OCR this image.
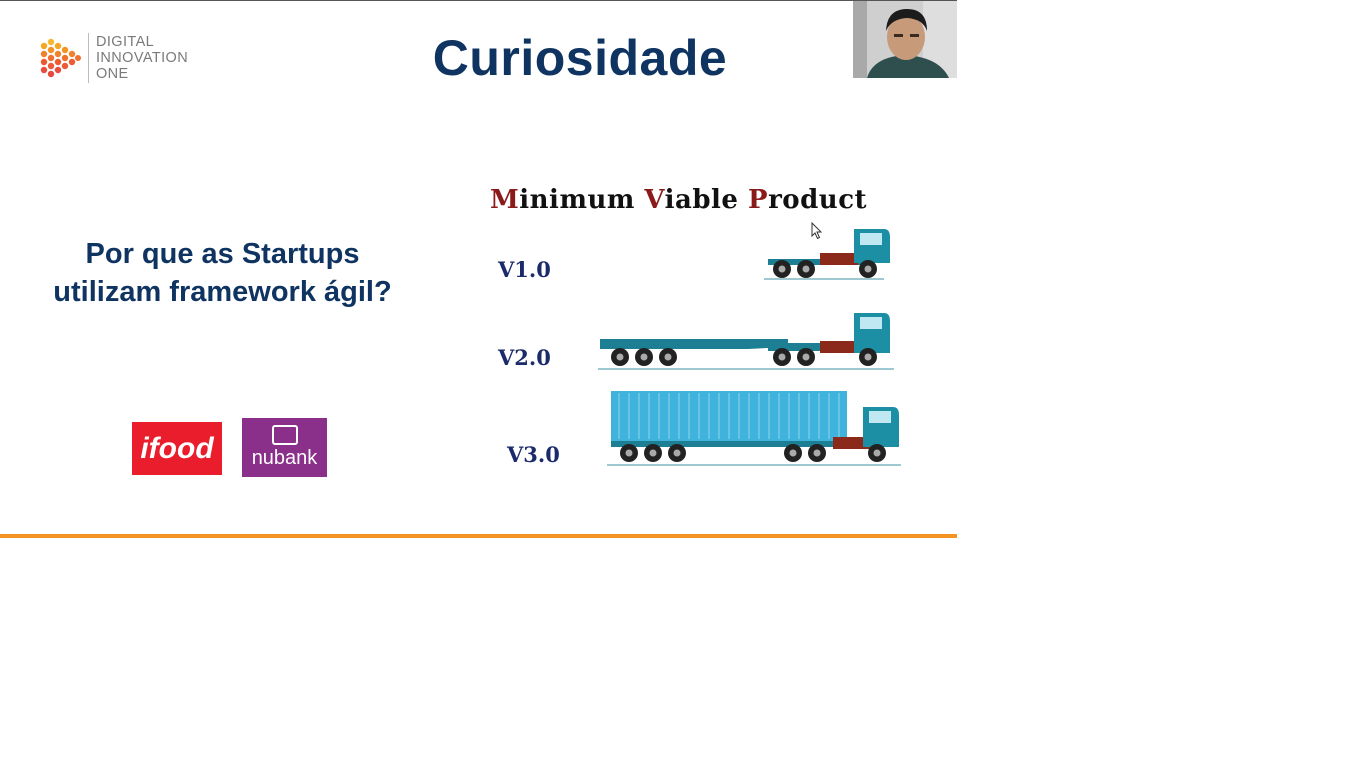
DIGITAL
INNOVATION
ONE	Curiosidade
Por que as Startups
utilizam framework ágil?
ifood nubank
Minimum Viable Product
V1.0
V2.0
V3.0
